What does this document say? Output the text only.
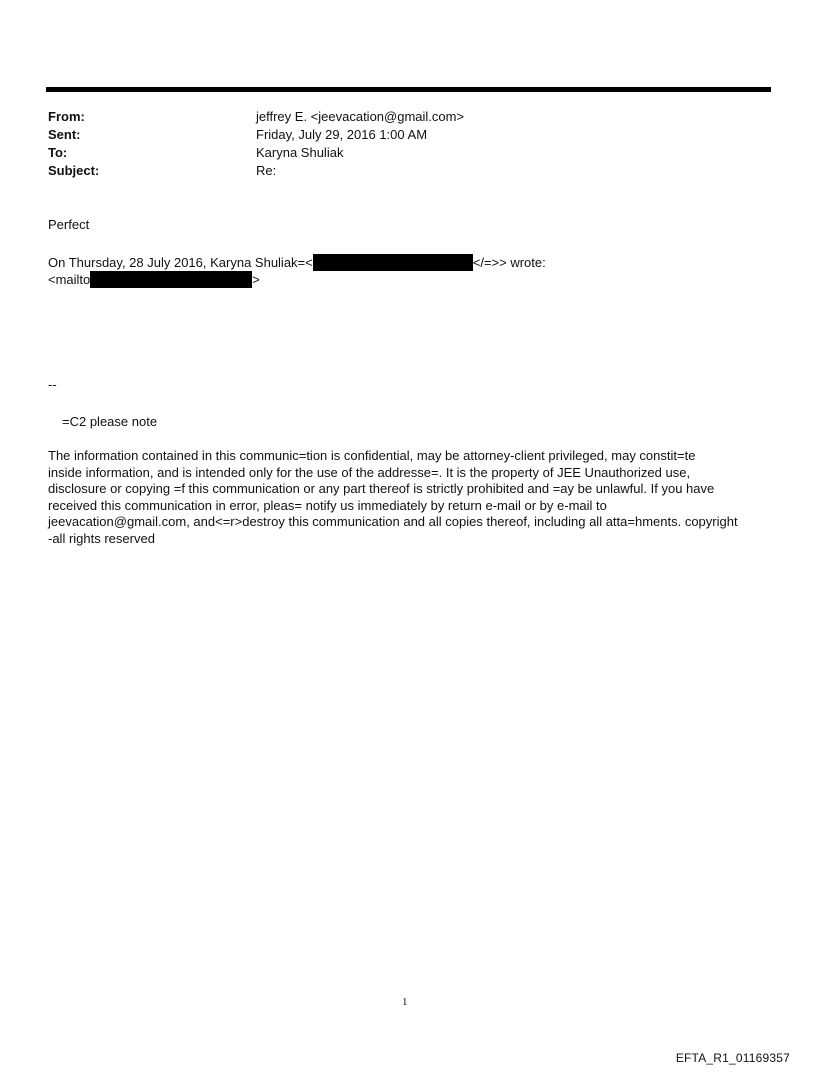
From:	jeffrey E. <jeevacation@gmail.com>
Sent:	Friday, July 29, 2016 1:00 AM
To:	Karyna Shuliak
Subject:	Re:
Perfect
On Thursday, 28 July 2016, Karyna Shuliak=<	</=>> wrote:
<mailto	>
--
=C2 please note
The information contained in this communic=tion is confidential, may be attorney-client privileged, may constit=te
inside information, and is intended only for the use of the addresse=. It is the property of JEE Unauthorized use,
disclosure or copying =f this communication or any part thereof is strictly prohibited and =ay be unlawful. If you have
received this communication in error, pleas= notify us immediately by return e-mail or by e-mail to
jeevacation@gmail.com, and<=r>destroy this communication and all copies thereof, including all atta=hments. copyright
-all rights reserved
1
EFTA_R1_01169357
